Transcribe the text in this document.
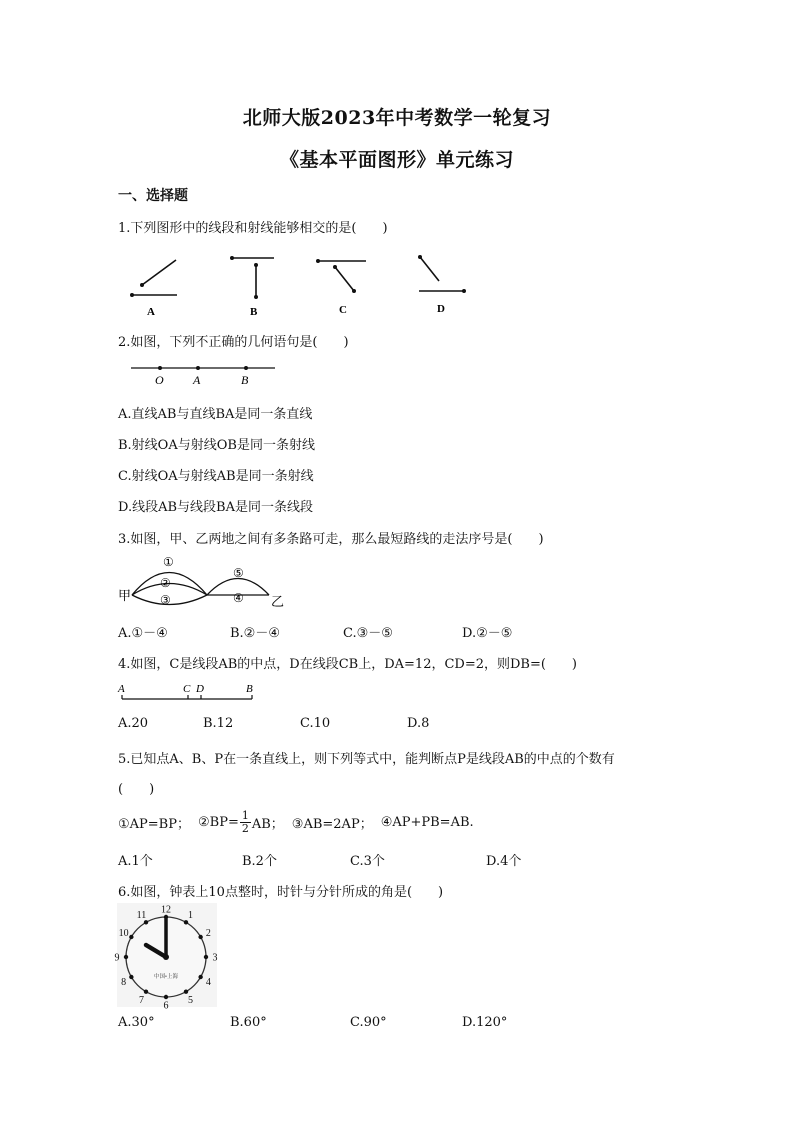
北师大版2023年中考数学一轮复习
《基本平面图形》单元练习
一、选择题
1.下列图形中的线段和射线能够相交的是(　　)
A	B	C	D
2.如图，下列不正确的几何语句是(　　)
O A	B
A.直线AB与直线BA是同一条直线
B.射线OA与射线OB是同一条射线
C.射线OA与射线AB是同一条射线
D.线段AB与线段BA是同一条线段
3.如图，甲、乙两地之间有多条路可走，那么最短路线的走法序号是(　　)
甲	乙
①
②
③	④
⑤
A.①－④	B.②－④	C.③－⑤	D.②－⑤
4.如图，C是线段AB的中点，D在线段CB上，DA=12，CD=2，则DB=(　　)
A	C D	B
A.20	B.12	C.10	D.8
5.已知点A、B、P在一条直线上，则下列等式中，能判断点P是线段AB的中点的个数有
(　　)
①AP=BP； ②BP= $\frac{1}{2}$ AB； ③AB=2AP； ④AP+PB=AB.
A.1个	B.2个	C.3个	D.4个
6.如图，钟表上10点整时，时针与分针所成的角是(　　)
12
1
2
3
4
5
6
7
8
9
10
11
中国•上海
A.30°	B.60°	C.90°	D.120°
